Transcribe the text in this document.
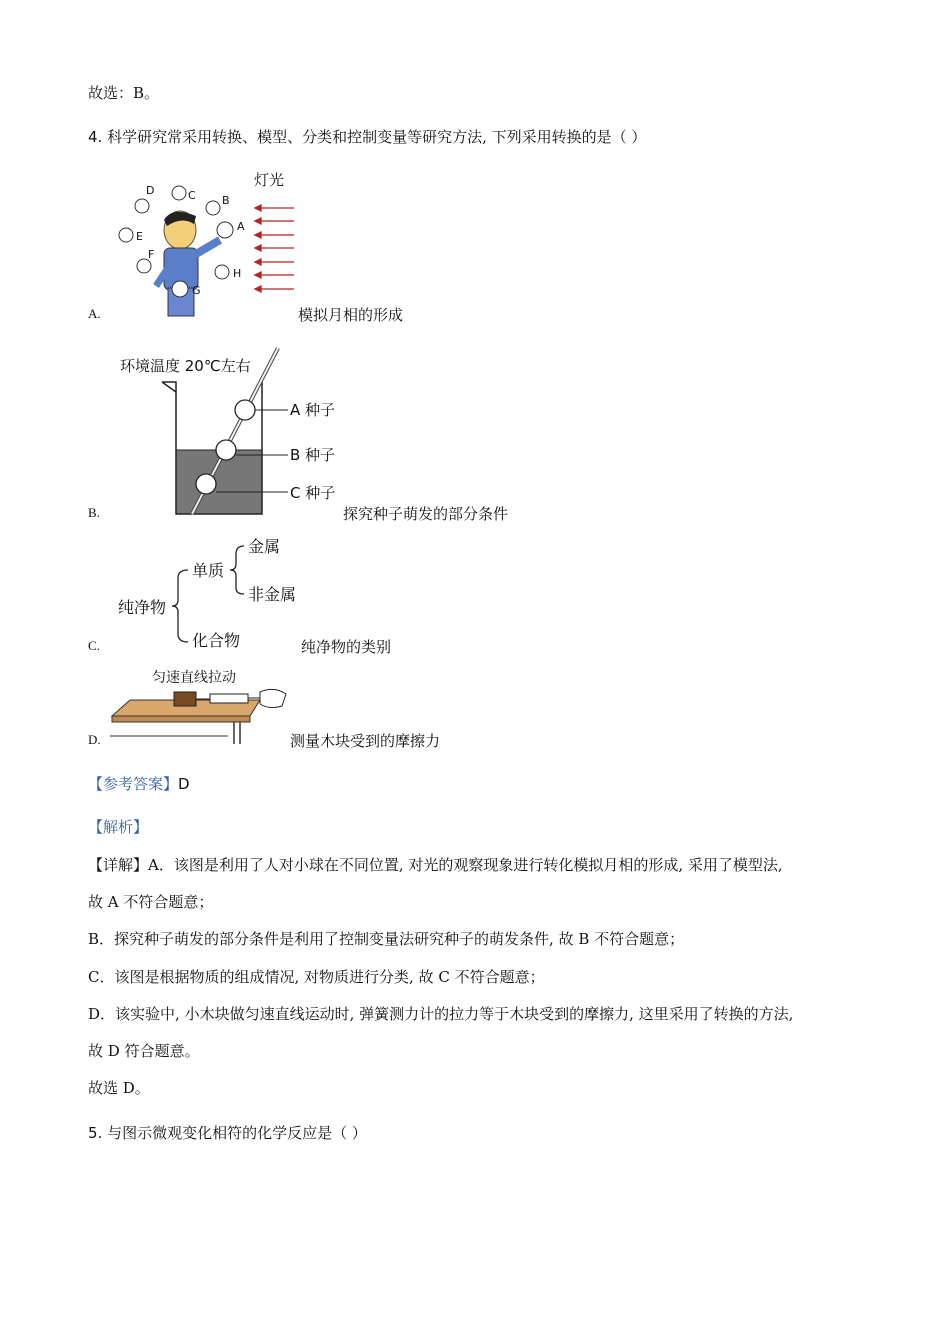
故选：B。
4. 科学研究常采用转换、模型、分类和控制变量等研究方法, 下列采用转换的是（ ）
灯光
D	C B
A
E
F
G
H
A.	模拟月相的形成
环境温度 20℃左右
A 种子
B 种子
C 种子
B.	探究种子萌发的部分条件
纯净物
单质
金属
非金属
化合物
C.	纯净物的类别
匀速直线拉动
D.	测量木块受到的摩擦力
【参考答案】D
【解析】
【详解】A．该图是利用了人对小球在不同位置, 对光的观察现象进行转化模拟月相的形成, 采用了模型法,
故 A 不符合题意；
B．探究种子萌发的部分条件是利用了控制变量法研究种子的萌发条件, 故 B 不符合题意；
C．该图是根据物质的组成情况, 对物质进行分类, 故 C 不符合题意；
D．该实验中, 小木块做匀速直线运动时, 弹簧测力计的拉力等于木块受到的摩擦力, 这里采用了转换的方法,
故 D 符合题意。
故选 D。
5. 与图示微观变化相符的化学反应是（ ）
